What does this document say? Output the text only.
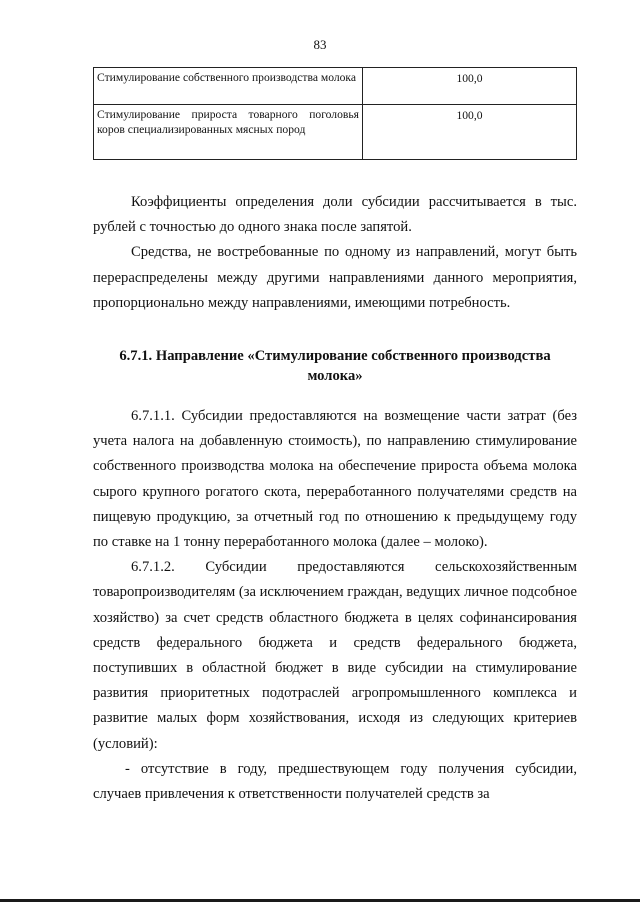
83
Стимулирование собственного производства молока	100,0
Стимулирование прироста товарного поголовья коров специализированных мясных пород	100,0

Коэффициенты определения доли субсидии рассчитывается в тыс. рублей с точностью до одного знака после запятой.

Средства, не востребованные по одному из направлений, могут быть перераспределены между другими направлениями данного мероприятия, пропорционально между направлениями, имеющими потребность.

6.7.1. Направление «Стимулирование собственного производства молока»

6.7.1.1. Субсидии предоставляются на возмещение части затрат (без учета налога на добавленную стоимость), по направлению стимулирование собственного производства молока на обеспечение прироста объема молока сырого крупного рогатого скота, переработанного получателями средств на пищевую продукцию, за отчетный год по отношению к предыдущему году по ставке на 1 тонну переработанного молока (далее – молоко).

6.7.1.2. Субсидии предоставляются сельскохозяйственным товаропроизводителям (за исключением граждан, ведущих личное подсобное хозяйство) за счет средств областного бюджета в целях софинансирования средств федерального бюджета и средств федерального бюджета, поступивших в областной бюджет в виде субсидии на стимулирование развития приоритетных подотраслей агропромышленного комплекса и развитие малых форм хозяйствования, исходя из следующих критериев (условий):

- отсутствие в году, предшествующем году получения субсидии, случаев привлечения к ответственности получателей средств за
